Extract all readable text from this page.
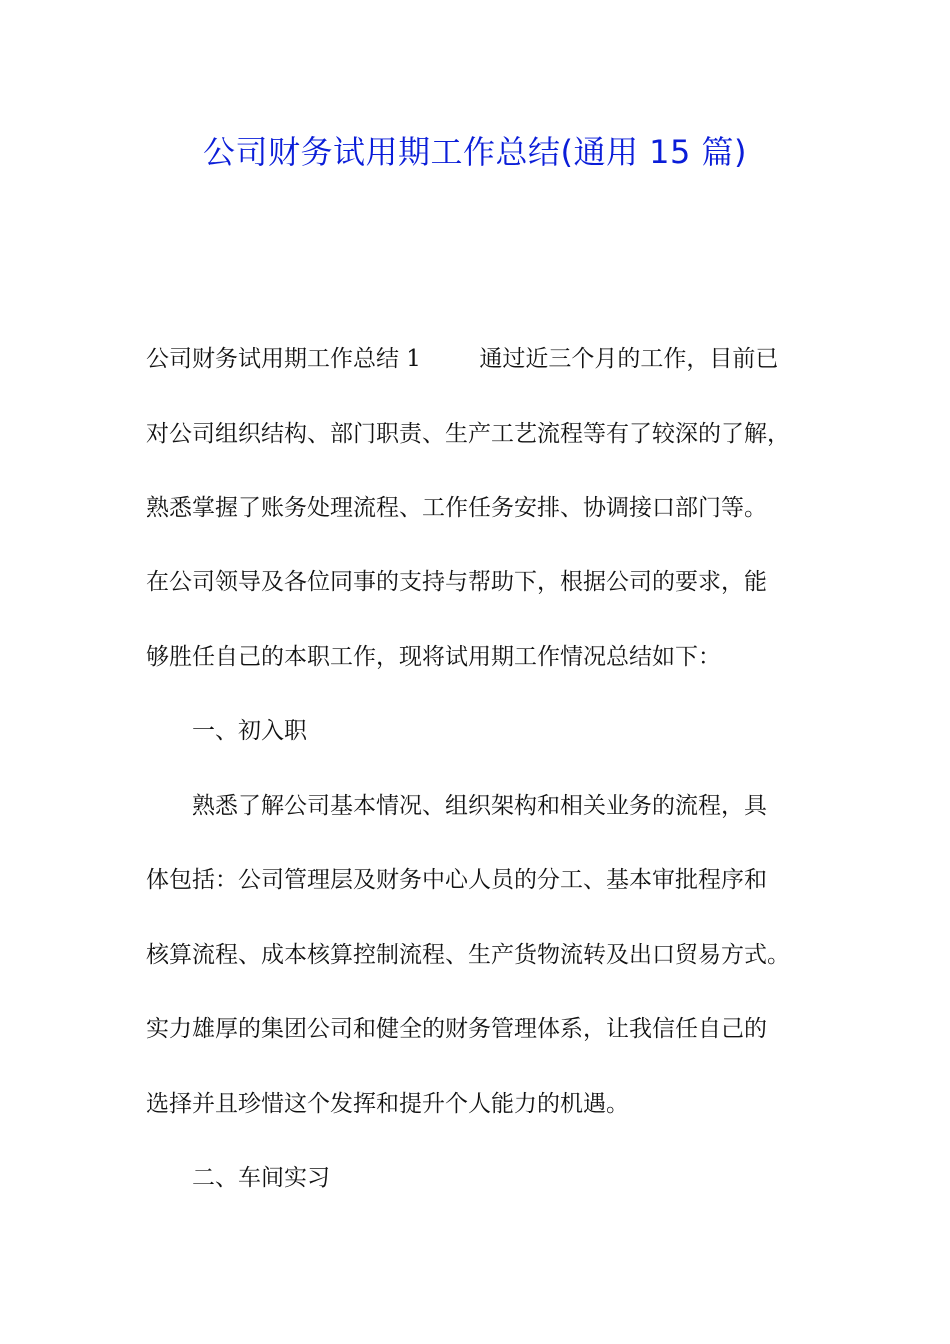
公司财务试用期工作总结(通用 15 篇)
公司财务试用期工作总结 1        通过近三个月的工作，目前已
对公司组织结构、部门职责、生产工艺流程等有了较深的了解，
熟悉掌握了账务处理流程、工作任务安排、协调接口部门等。
在公司领导及各位同事的支持与帮助下，根据公司的要求，能
够胜任自己的本职工作，现将试用期工作情况总结如下：
一、初入职
熟悉了解公司基本情况、组织架构和相关业务的流程，具
体包括：公司管理层及财务中心人员的分工、基本审批程序和
核算流程、成本核算控制流程、生产货物流转及出口贸易方式。
实力雄厚的集团公司和健全的财务管理体系，让我信任自己的
选择并且珍惜这个发挥和提升个人能力的机遇。
二、车间实习
